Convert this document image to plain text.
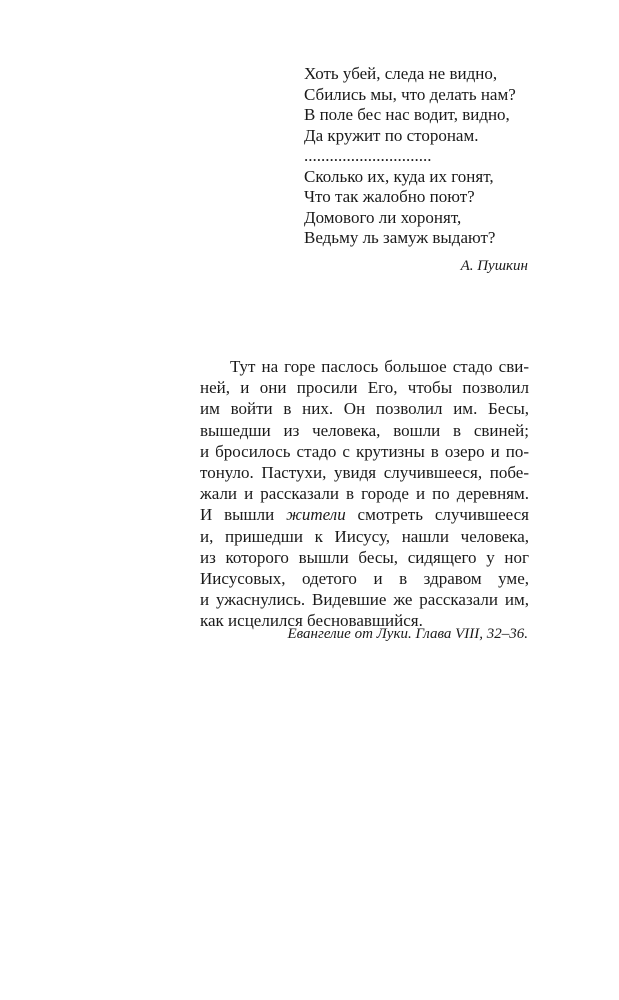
Хоть убей, следа не видно,
Сбились мы, что делать нам?
В поле бес нас водит, видно,
Да кружит по сторонам.
..............................
Сколько их, куда их гонят,
Что так жалобно поют?
Домового ли хоронят,
Ведьму ль замуж выдают?
А. Пушкин
Тут на горе паслось большое стадо сви-
ней, и они просили Его, чтобы позволил
им войти в них. Он позволил им. Бесы,
вышедши из человека, вошли в свиней;
и бросилось стадо с крутизны в озеро и по-
тонуло. Пастухи, увидя случившееся, побе-
жали и рассказали в городе и по деревням.
И вышли жители смотреть случившееся
и, пришедши к Иисусу, нашли человека,
из которого вышли бесы, сидящего у ног
Иисусовых, одетого и в здравом уме,
и ужаснулись. Видевшие же рассказали им,
как исцелился бесновавшийся.
Евангелие от Луки. Глава VIII, 32–36.
